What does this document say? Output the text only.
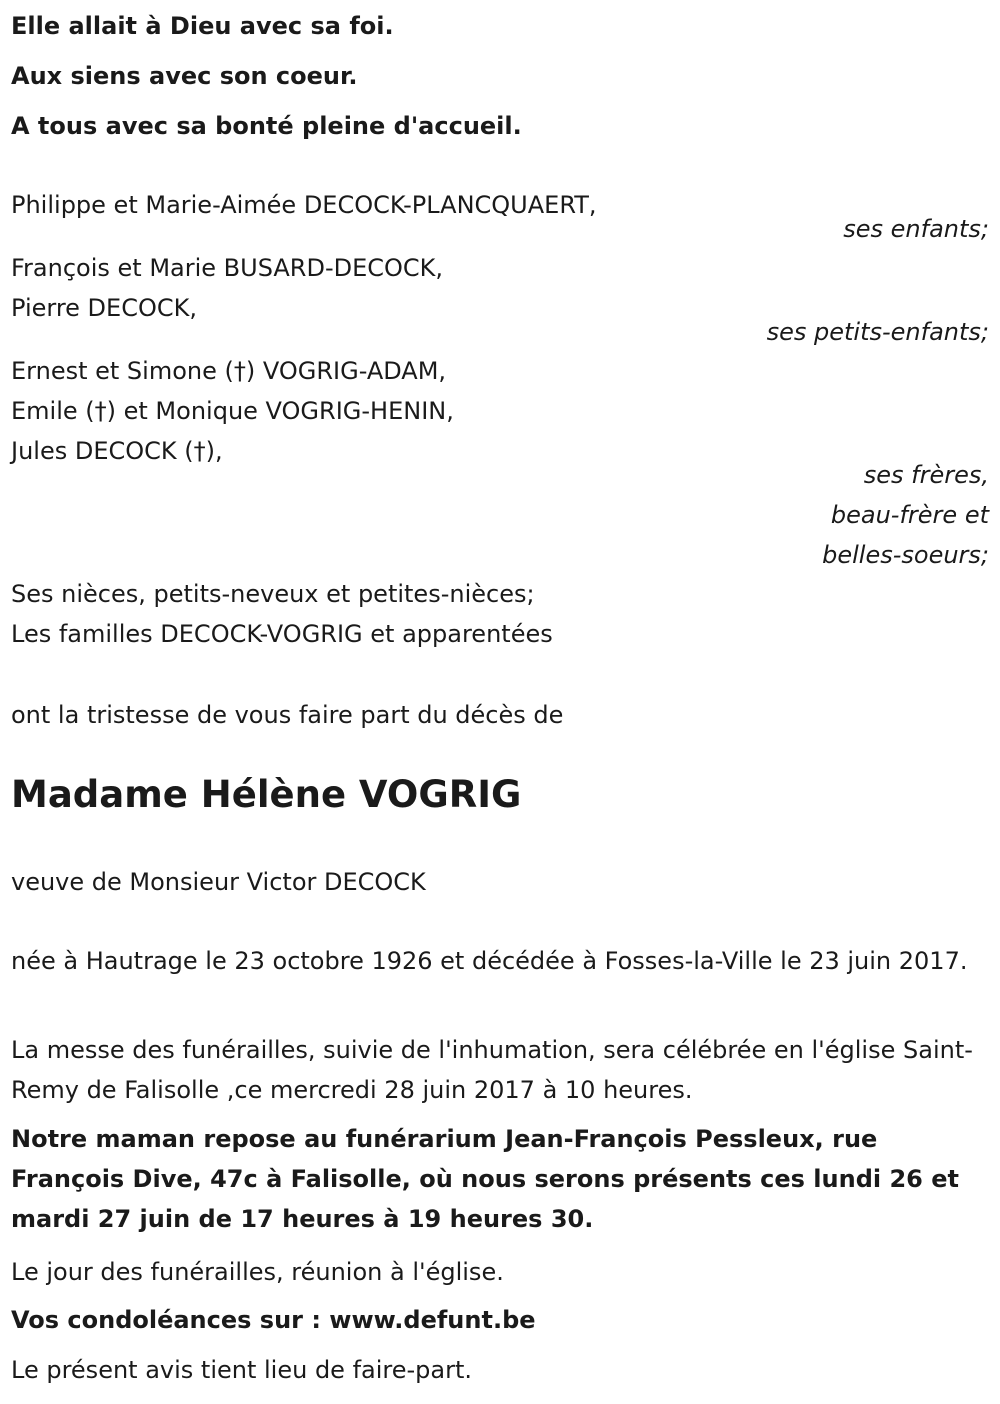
Elle allait à Dieu avec sa foi.
Aux siens avec son coeur.
A tous avec sa bonté pleine d'accueil.
Philippe et Marie-Aimée DECOCK-PLANCQUAERT,
ses enfants;
François et Marie BUSARD-DECOCK,
Pierre DECOCK,
ses petits-enfants;
Ernest et Simone (†) VOGRIG-ADAM,
Emile (†) et Monique VOGRIG-HENIN,
Jules DECOCK (†),
ses frères,
beau-frère et
belles-soeurs;
Ses nièces, petits-neveux et petites-nièces;
Les familles DECOCK-VOGRIG et apparentées
ont la tristesse de vous faire part du décès de
Madame Hélène VOGRIG
veuve de Monsieur Victor DECOCK
née à Hautrage le 23 octobre 1926 et décédée à Fosses-la-Ville le 23 juin 2017.
La messe des funérailles, suivie de l'inhumation, sera célébrée en l'église Saint-Remy de Falisolle ,ce mercredi 28 juin 2017 à 10 heures.
Notre maman repose au funérarium Jean-François Pessleux, rue François Dive, 47c à Falisolle, où nous serons présents ces lundi 26 et mardi 27 juin de 17 heures à 19 heures 30.
Le jour des funérailles, réunion à l'église.
Vos condoléances sur : www.defunt.be
Le présent avis tient lieu de faire-part.
